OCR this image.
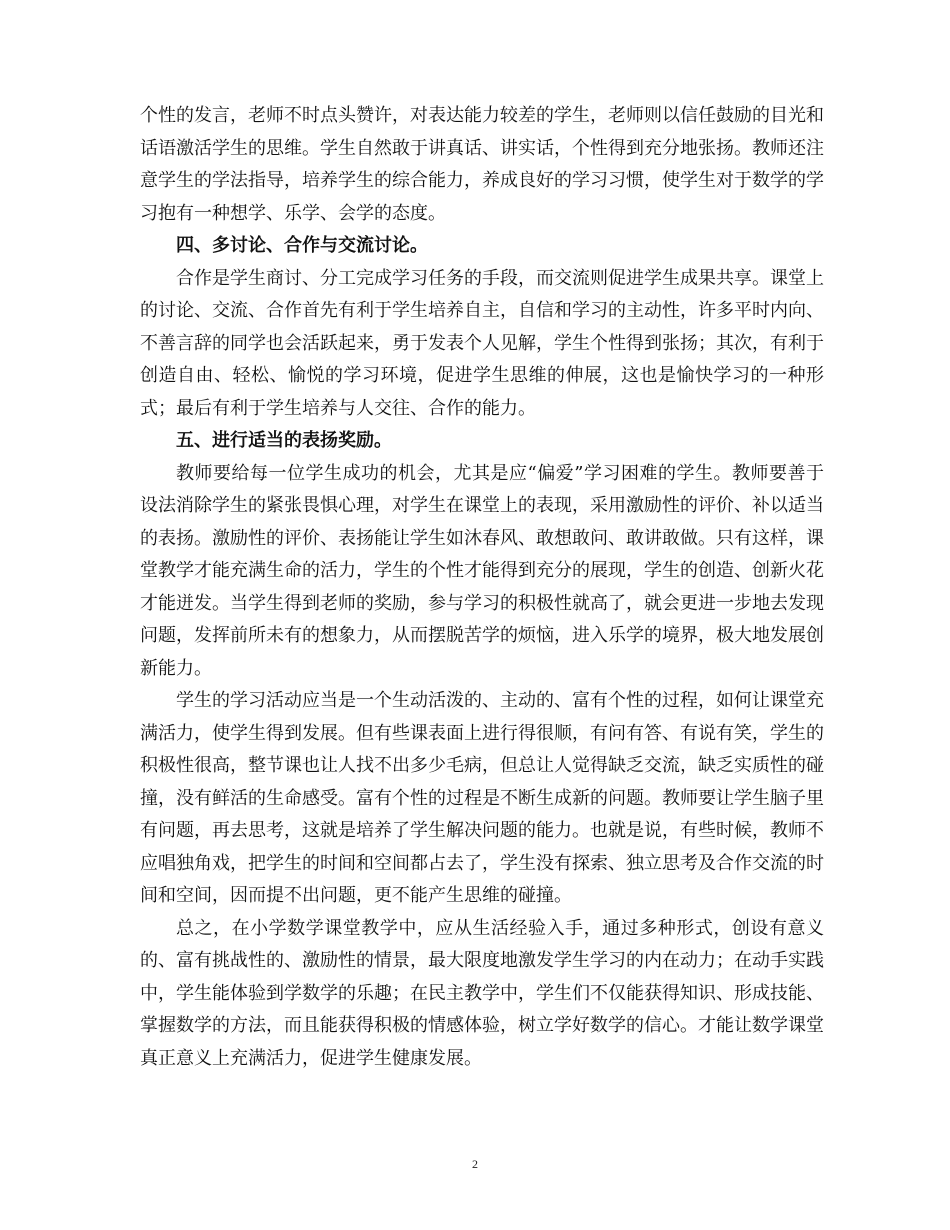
个性的发言，老师不时点头赞许，对表达能力较差的学生，老师则以信任鼓励的目光和话语激活学生的思维。学生自然敢于讲真话、讲实话，个性得到充分地张扬。教师还注意学生的学法指导，培养学生的综合能力，养成良好的学习习惯，使学生对于数学的学习抱有一种想学、乐学、会学的态度。

四、多讨论、合作与交流讨论。

合作是学生商讨、分工完成学习任务的手段，而交流则促进学生成果共享。课堂上的讨论、交流、合作首先有利于学生培养自主，自信和学习的主动性，许多平时内向、不善言辞的同学也会活跃起来，勇于发表个人见解，学生个性得到张扬；其次，有利于创造自由、轻松、愉悦的学习环境，促进学生思维的伸展，这也是愉快学习的一种形式；最后有利于学生培养与人交往、合作的能力。

五、进行适当的表扬奖励。

教师要给每一位学生成功的机会，尤其是应“偏爱”学习困难的学生。教师要善于设法消除学生的紧张畏惧心理，对学生在课堂上的表现，采用激励性的评价、补以适当的表扬。激励性的评价、表扬能让学生如沐春风、敢想敢问、敢讲敢做。只有这样，课堂教学才能充满生命的活力，学生的个性才能得到充分的展现，学生的创造、创新火花才能迸发。当学生得到老师的奖励，参与学习的积极性就高了，就会更进一步地去发现问题，发挥前所未有的想象力，从而摆脱苦学的烦恼，进入乐学的境界，极大地发展创新能力。

学生的学习活动应当是一个生动活泼的、主动的、富有个性的过程，如何让课堂充满活力，使学生得到发展。但有些课表面上进行得很顺，有问有答、有说有笑，学生的积极性很高，整节课也让人找不出多少毛病，但总让人觉得缺乏交流，缺乏实质性的碰撞，没有鲜活的生命感受。富有个性的过程是不断生成新的问题。教师要让学生脑子里有问题，再去思考，这就是培养了学生解决问题的能力。也就是说，有些时候，教师不应唱独角戏，把学生的时间和空间都占去了，学生没有探索、独立思考及合作交流的时间和空间，因而提不出问题，更不能产生思维的碰撞。

总之，在小学数学课堂教学中，应从生活经验入手，通过多种形式，创设有意义的、富有挑战性的、激励性的情景，最大限度地激发学生学习的内在动力；在动手实践中，学生能体验到学数学的乐趣；在民主教学中，学生们不仅能获得知识、形成技能、掌握数学的方法，而且能获得积极的情感体验，树立学好数学的信心。才能让数学课堂真正意义上充满活力，促进学生健康发展。

2
